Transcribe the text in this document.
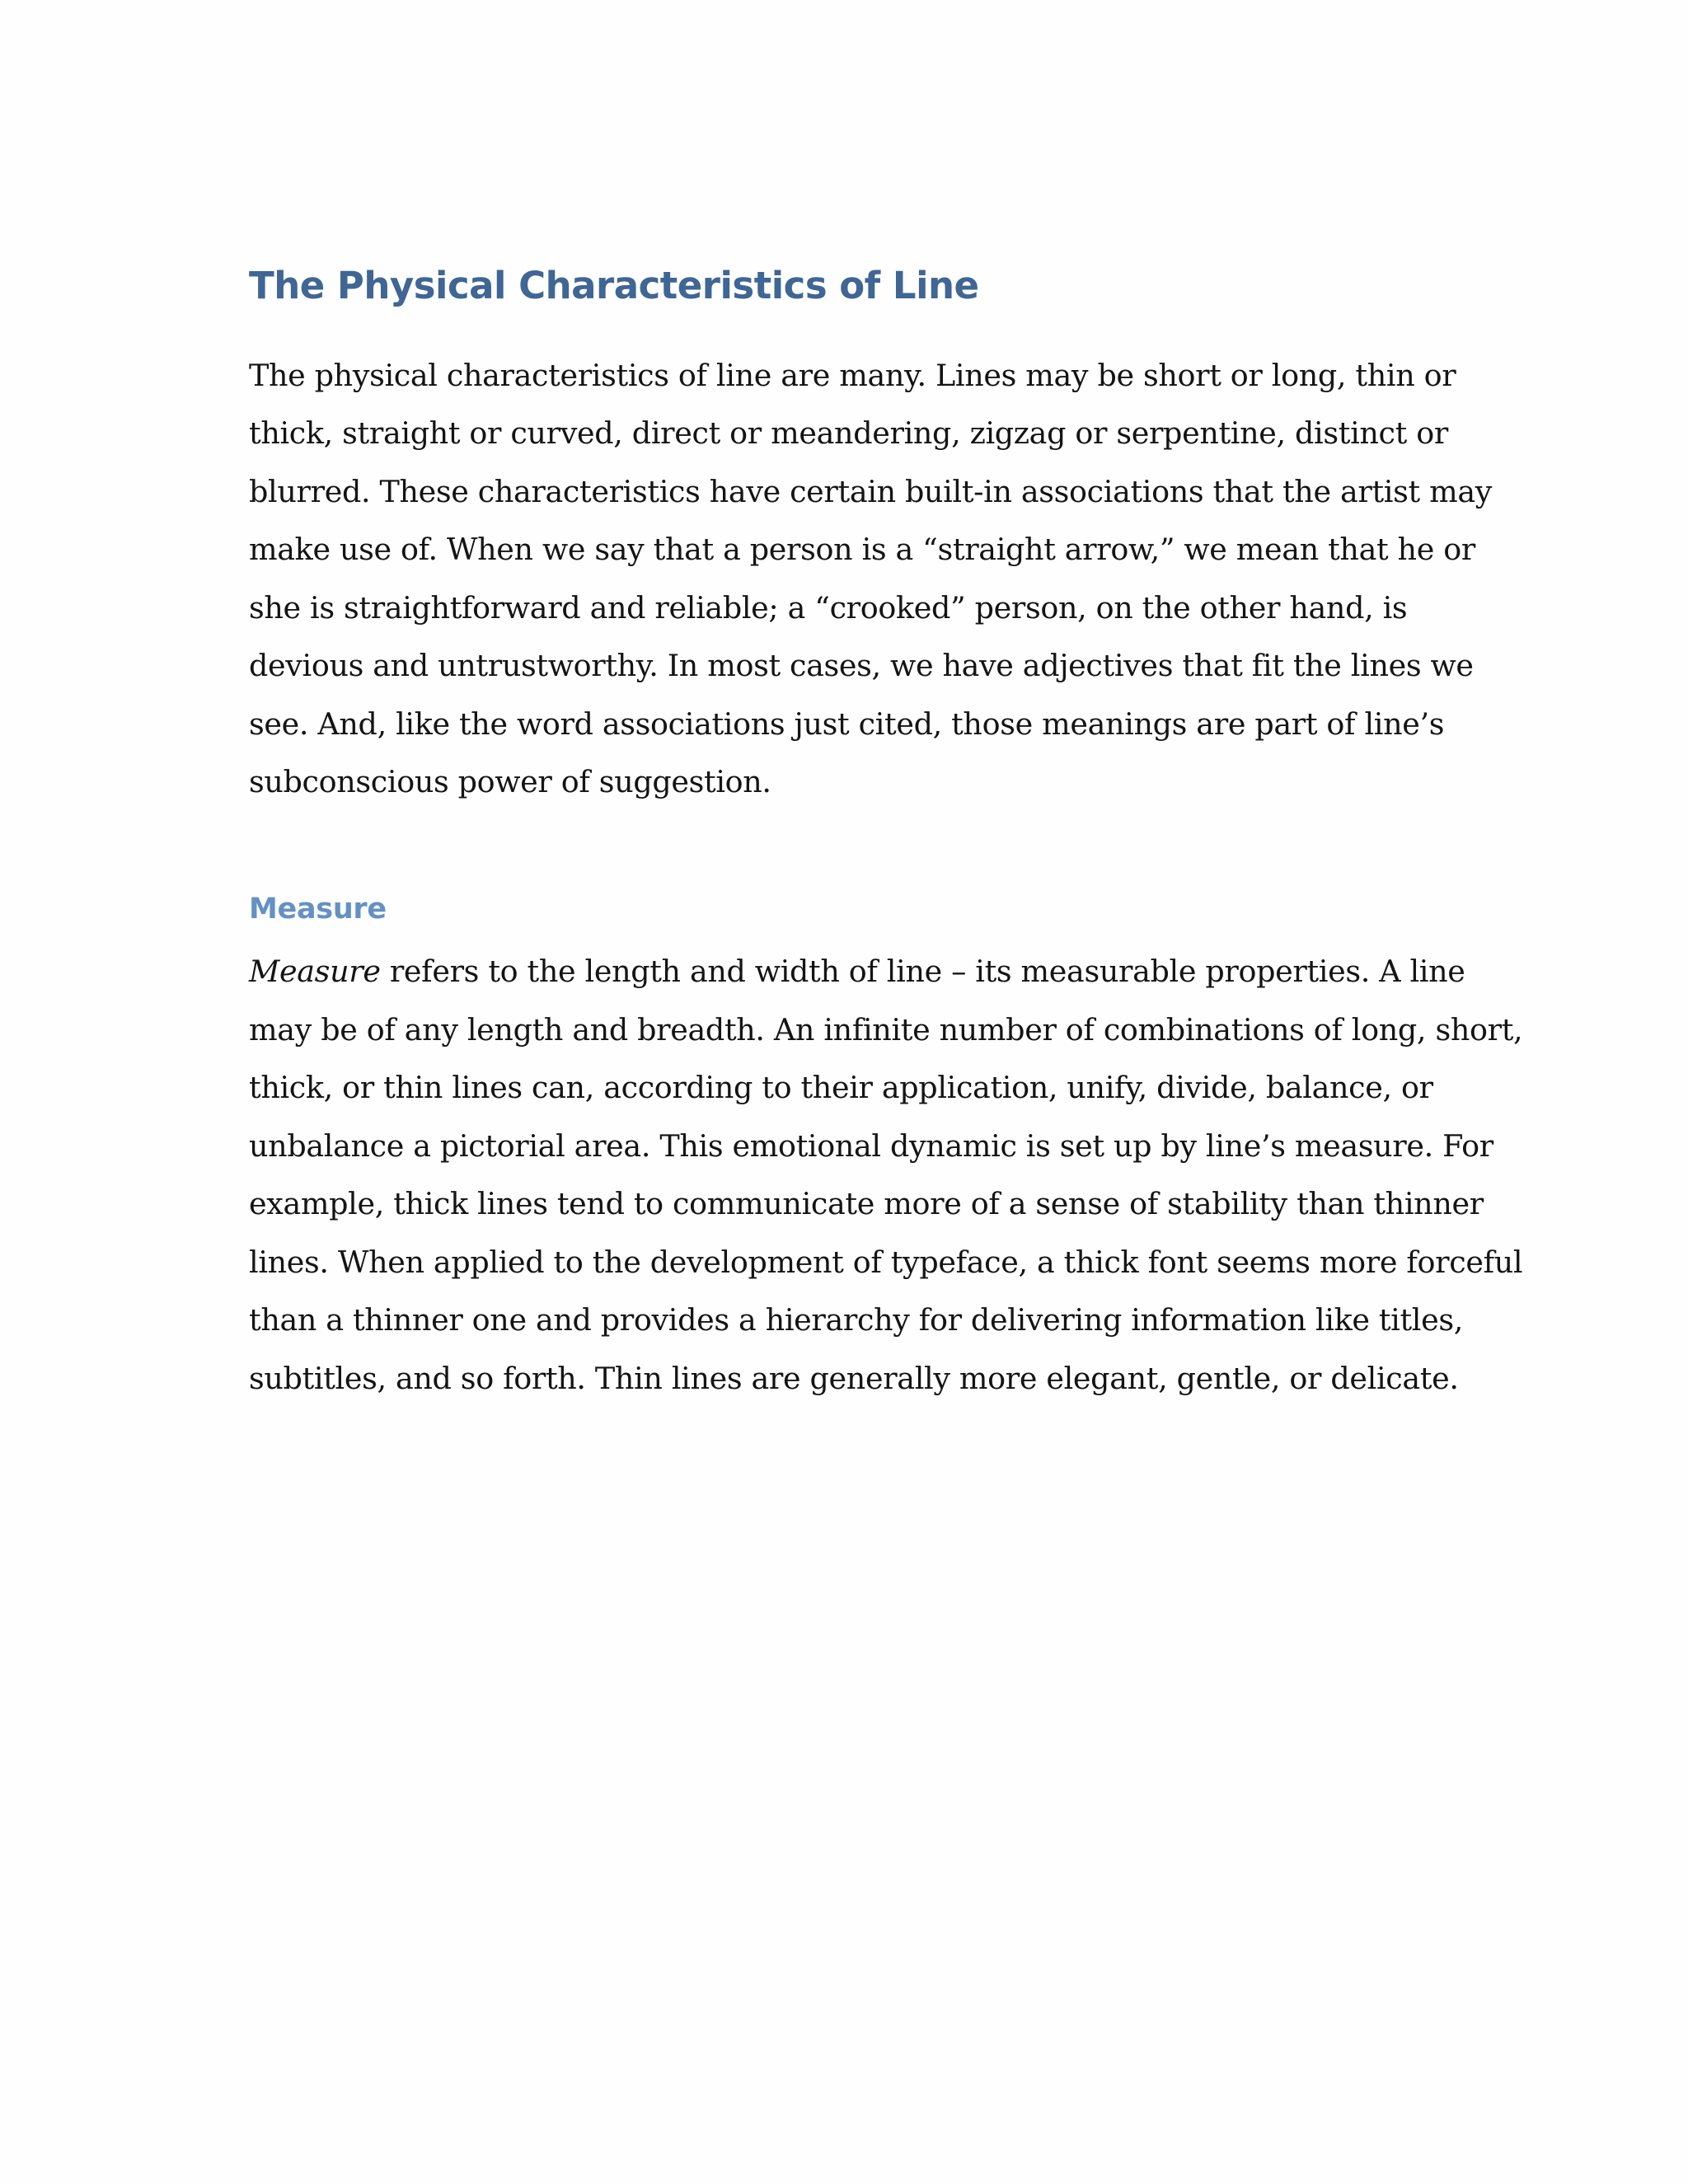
The Physical Characteristics of Line

The physical characteristics of line are many. Lines may be short or long, thin or
thick, straight or curved, direct or meandering, zigzag or serpentine, distinct or
blurred. These characteristics have certain built-in associations that the artist may
make use of. When we say that a person is a “straight arrow,” we mean that he or
she is straightforward and reliable; a “crooked” person, on the other hand, is
devious and untrustworthy. In most cases, we have adjectives that fit the lines we
see. And, like the word associations just cited, those meanings are part of line’s
subconscious power of suggestion.

Measure

Measure refers to the length and width of line – its measurable properties. A line
may be of any length and breadth. An infinite number of combinations of long, short,
thick, or thin lines can, according to their application, unify, divide, balance, or
unbalance a pictorial area. This emotional dynamic is set up by line’s measure. For
example, thick lines tend to communicate more of a sense of stability than thinner
lines. When applied to the development of typeface, a thick font seems more forceful
than a thinner one and provides a hierarchy for delivering information like titles,
subtitles, and so forth. Thin lines are generally more elegant, gentle, or delicate.
